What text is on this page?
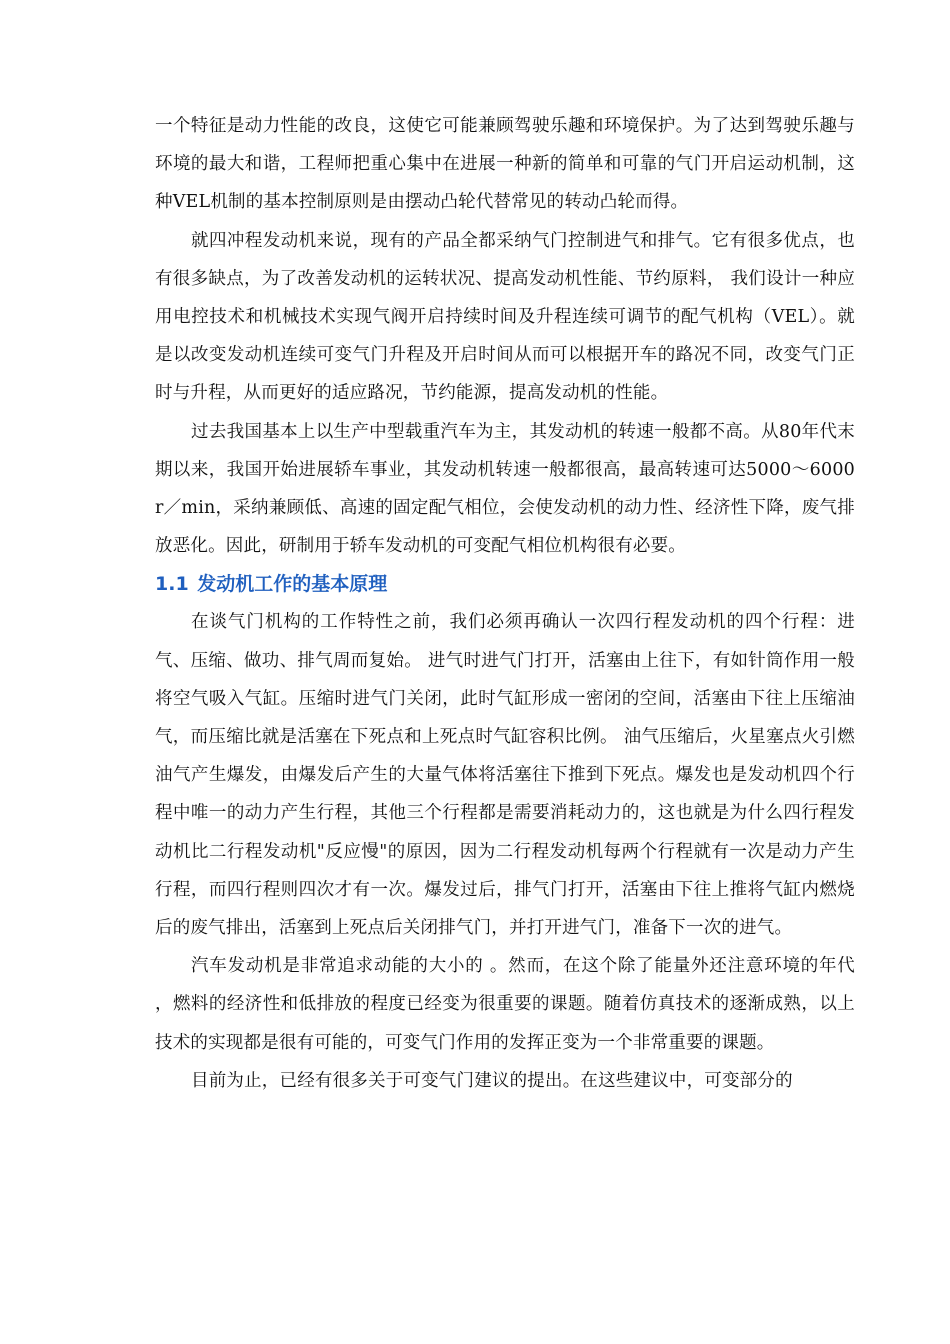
一个特征是动力性能的改良，这使它可能兼顾驾驶乐趣和环境保护。为了达到驾驶乐趣与环境的最大和谐，工程师把重心集中在进展一种新的简单和可靠的气门开启运动机制，这种VEL机制的基本控制原则是由摆动凸轮代替常见的转动凸轮而得。

就四冲程发动机来说，现有的产品全都采纳气门控制进气和排气。它有很多优点，也有很多缺点，为了改善发动机的运转状况、提高发动机性能、节约原料， 我们设计一种应用电控技术和机械技术实现气阀开启持续时间及升程连续可调节的配气机构（VEL）。就是以改变发动机连续可变气门升程及开启时间从而可以根据开车的路况不同，改变气门正时与升程，从而更好的适应路况，节约能源，提高发动机的性能。

过去我国基本上以生产中型载重汽车为主，其发动机的转速一般都不高。从80年代末期以来，我国开始进展轿车事业，其发动机转速一般都很高，最高转速可达5000～6000 r／min，采纳兼顾低、高速的固定配气相位，会使发动机的动力性、经济性下降，废气排放恶化。因此，研制用于轿车发动机的可变配气相位机构很有必要。

1.1 发动机工作的基本原理

在谈气门机构的工作特性之前，我们必须再确认一次四行程发动机的四个行程：进气、压缩、做功、排气周而复始。 进气时进气门打开，活塞由上往下，有如针筒作用一般将空气吸入气缸。压缩时进气门关闭，此时气缸形成一密闭的空间，活塞由下往上压缩油气，而压缩比就是活塞在下死点和上死点时气缸容积比例。 油气压缩后，火星塞点火引燃油气产生爆发，由爆发后产生的大量气体将活塞往下推到下死点。爆发也是发动机四个行程中唯一的动力产生行程，其他三个行程都是需要消耗动力的，这也就是为什么四行程发动机比二行程发动机"反应慢"的原因，因为二行程发动机每两个行程就有一次是动力产生行程，而四行程则四次才有一次。爆发过后，排气门打开，活塞由下往上推将气缸内燃烧后的废气排出，活塞到上死点后关闭排气门，并打开进气门，准备下一次的进气。

汽车发动机是非常追求动能的大小的 。然而，在这个除了能量外还注意环境的年代 ，燃料的经济性和低排放的程度已经变为很重要的课题。随着仿真技术的逐渐成熟，以上技术的实现都是很有可能的，可变气门作用的发挥正变为一个非常重要的课题。

目前为止，已经有很多关于可变气门建议的提出。在这些建议中，可变部分的
